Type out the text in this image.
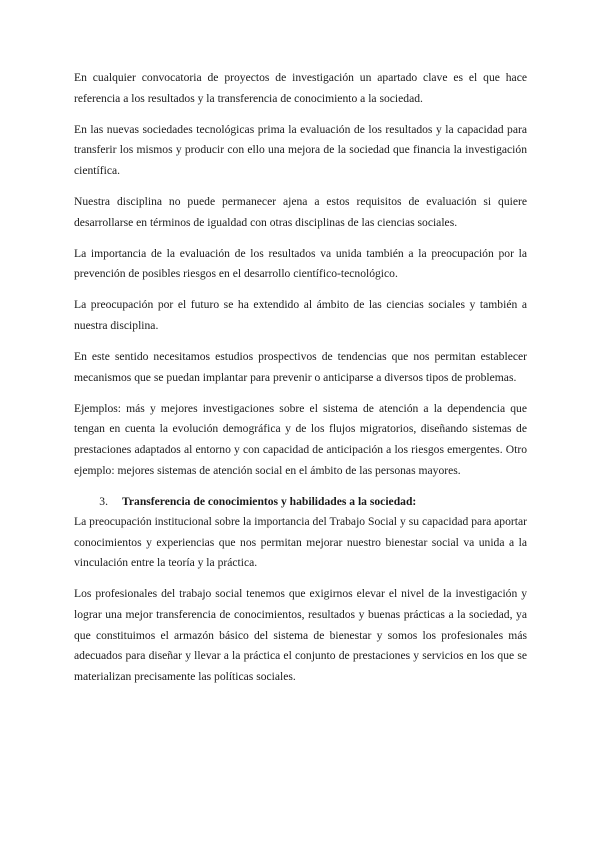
En cualquier convocatoria de proyectos de investigación un apartado clave es el que hace referencia a los resultados y la transferencia de conocimiento a la sociedad.

En las nuevas sociedades tecnológicas prima la evaluación de los resultados y la capacidad para transferir los mismos y producir con ello una mejora de la sociedad que financia la investigación científica.

Nuestra disciplina no puede permanecer ajena a estos requisitos de evaluación si quiere desarrollarse en términos de igualdad con otras disciplinas de las ciencias sociales.

La importancia de la evaluación de los resultados va unida también a la preocupación por la prevención de posibles riesgos en el desarrollo científico-tecnológico.

La preocupación por el futuro se ha extendido al ámbito de las ciencias sociales y también a nuestra disciplina.

En este sentido necesitamos estudios prospectivos de tendencias que nos permitan establecer mecanismos que se puedan implantar para prevenir o anticiparse a diversos tipos de problemas.

Ejemplos: más y mejores investigaciones sobre el sistema de atención a la dependencia que tengan en cuenta la evolución demográfica y de los flujos migratorios, diseñando sistemas de prestaciones adaptados al entorno y con capacidad de anticipación a los riesgos emergentes. Otro ejemplo: mejores sistemas de atención social en el ámbito de las personas mayores.

3.	Transferencia de conocimientos y habilidades a la sociedad:

La preocupación institucional sobre la importancia del Trabajo Social y su capacidad para aportar conocimientos y experiencias que nos permitan mejorar nuestro bienestar social va unida a la vinculación entre la teoría y la práctica.

Los profesionales del trabajo social tenemos que exigirnos elevar el nivel de la investigación y lograr una mejor transferencia de conocimientos, resultados y buenas prácticas a la sociedad, ya que constituimos el armazón básico del sistema de bienestar y somos los profesionales más adecuados para diseñar y llevar a la práctica el conjunto de prestaciones y servicios en los que se materializan precisamente las políticas sociales.
